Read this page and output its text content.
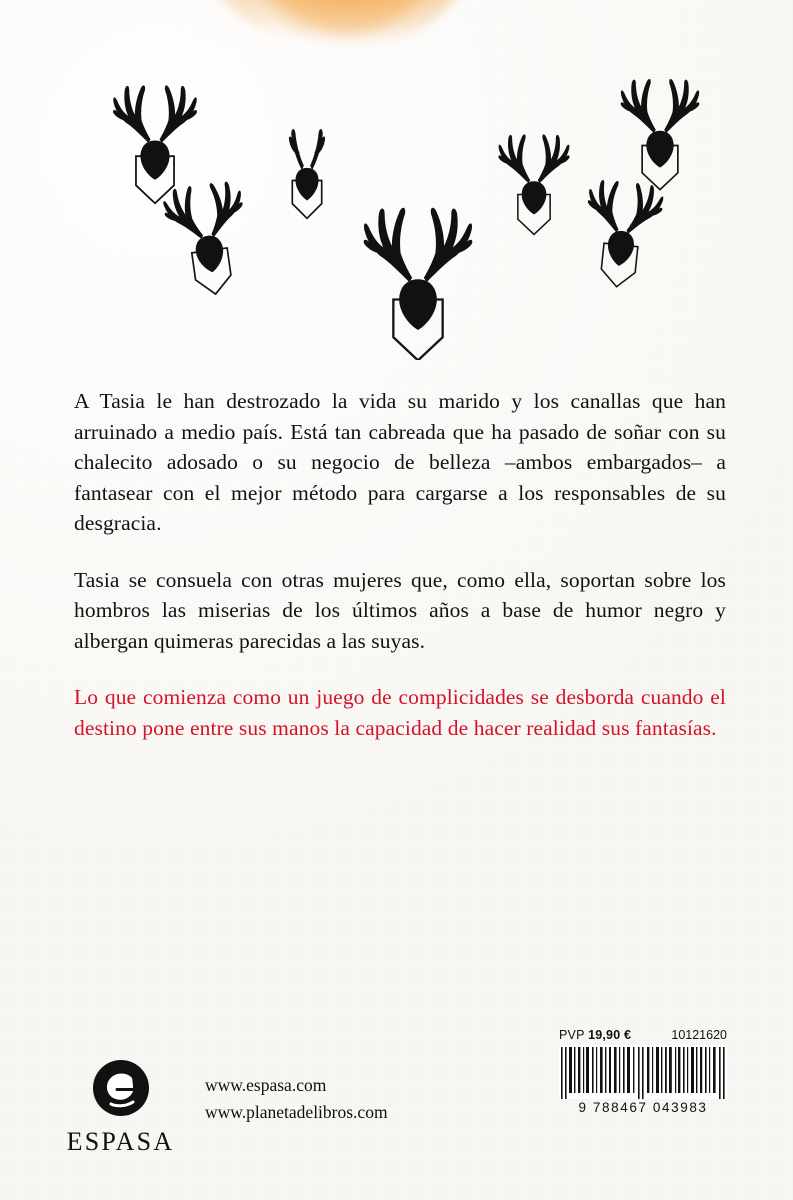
A Tasia le han destrozado la vida su marido y los canallas que han arruinado a medio país. Está tan cabreada que ha pasado de soñar con su chalecito adosado o su negocio de belleza –ambos embargados– a fantasear con el mejor método para cargarse a los responsables de su desgracia.

Tasia se consuela con otras mujeres que, como ella, soportan sobre los hombros las miserias de los últimos años a base de humor negro y albergan quimeras parecidas a las suyas.

Lo que comienza como un juego de complicidades se desborda cuando el destino pone entre sus manos la capacidad de hacer realidad sus fantasías.

ESPASA
www.espasa.com
www.planetadelibros.com
PVP 19,90 €	10121620
9 788467 043983
